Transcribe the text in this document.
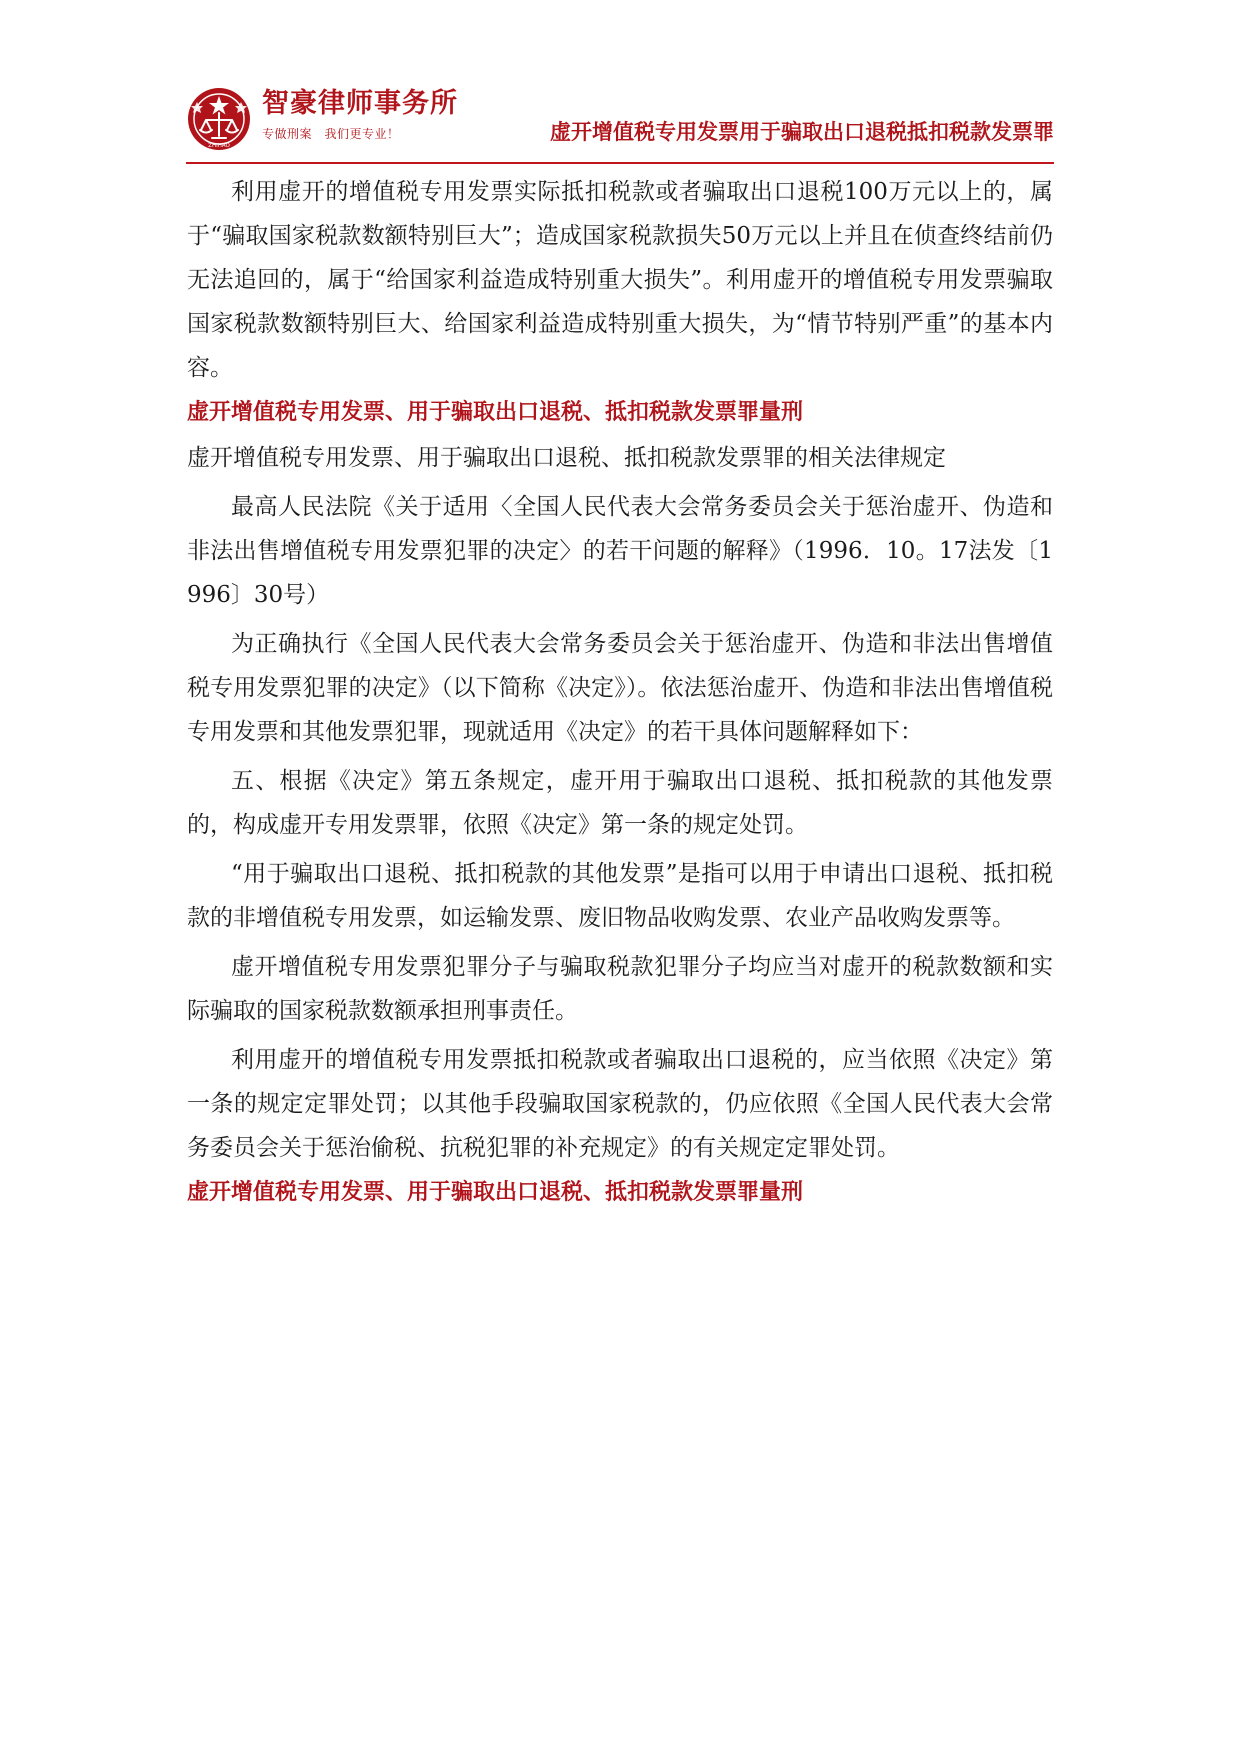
ZHIHAO
智豪律师事务所
专做刑案　我们更专业！	虚开增值税专用发票用于骗取出口退税抵扣税款发票罪

利用虚开的增值税专用发票实际抵扣税款或者骗取出口退税100万元以上的，属于“骗取国家税款数额特别巨大”；造成国家税款损失50万元以上并且在侦查终结前仍无法追回的，属于“给国家利益造成特别重大损失”。利用虚开的增值税专用发票骗取国家税款数额特别巨大、给国家利益造成特别重大损失，为“情节特别严重”的基本内容。

虚开增值税专用发票、用于骗取出口退税、抵扣税款发票罪量刑

虚开增值税专用发票、用于骗取出口退税、抵扣税款发票罪的相关法律规定

最高人民法院《关于适用〈全国人民代表大会常务委员会关于惩治虚开、伪造和非法出售增值税专用发票犯罪的决定〉的若干问题的解释》（1996．10。17法发〔1996〕30号）

为正确执行《全国人民代表大会常务委员会关于惩治虚开、伪造和非法出售增值税专用发票犯罪的决定》（以下简称《决定》）。依法惩治虚开、伪造和非法出售增值税专用发票和其他发票犯罪，现就适用《决定》的若干具体问题解释如下：

五、根据《决定》第五条规定，虚开用于骗取出口退税、抵扣税款的其他发票的，构成虚开专用发票罪，依照《决定》第一条的规定处罚。

“用于骗取出口退税、抵扣税款的其他发票”是指可以用于申请出口退税、抵扣税款的非增值税专用发票，如运输发票、废旧物品收购发票、农业产品收购发票等。

虚开增值税专用发票犯罪分子与骗取税款犯罪分子均应当对虚开的税款数额和实际骗取的国家税款数额承担刑事责任。

利用虚开的增值税专用发票抵扣税款或者骗取出口退税的，应当依照《决定》第一条的规定定罪处罚；以其他手段骗取国家税款的，仍应依照《全国人民代表大会常务委员会关于惩治偷税、抗税犯罪的补充规定》的有关规定定罪处罚。

虚开增值税专用发票、用于骗取出口退税、抵扣税款发票罪量刑
